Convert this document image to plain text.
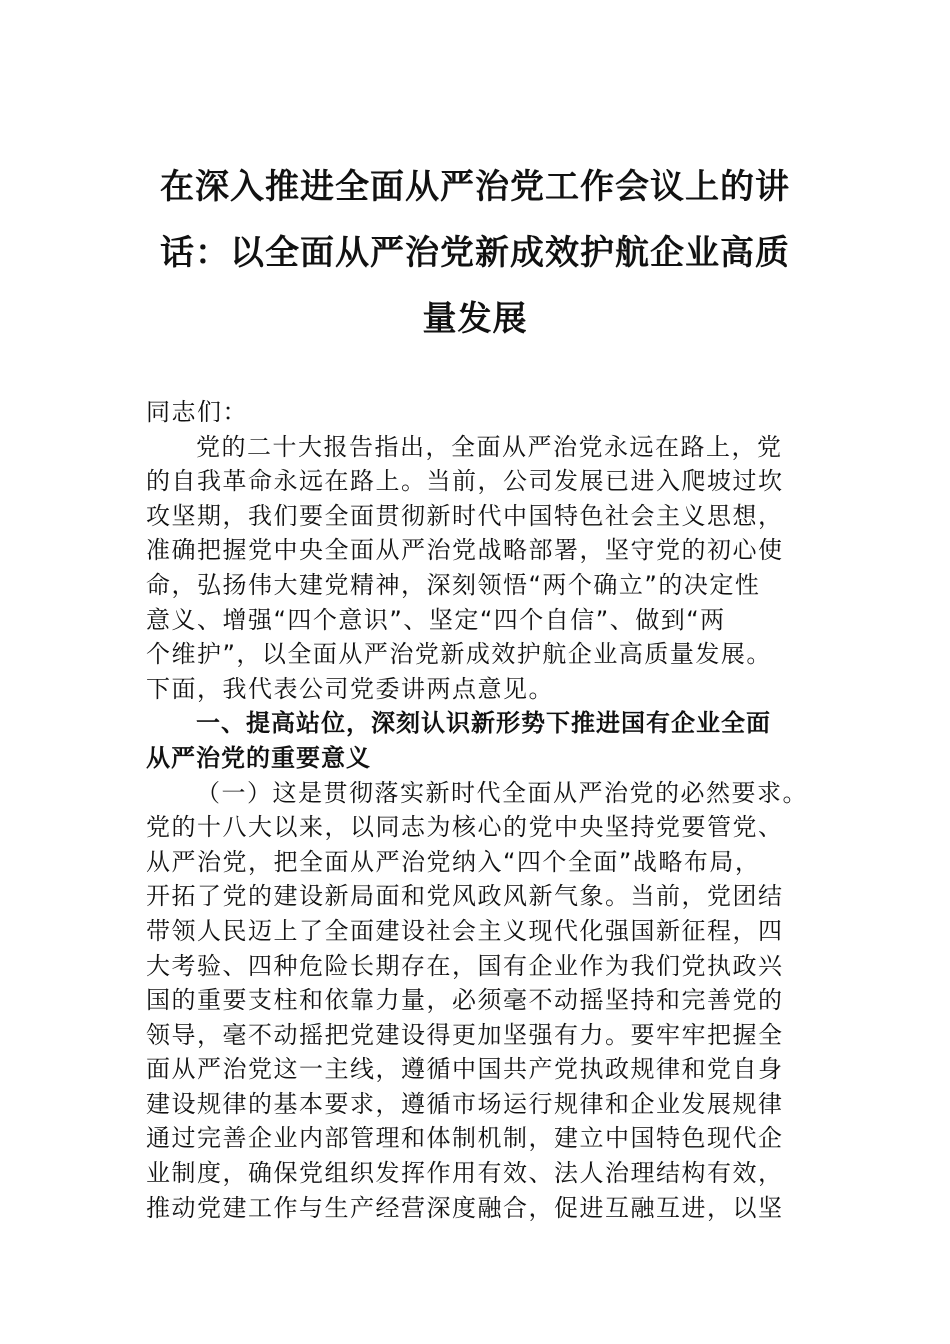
在深入推进全面从严治党工作会议上的讲
话：以全面从严治党新成效护航企业高质
量发展
同志们：
党的二十大报告指出，全面从严治党永远在路上，党
的自我革命永远在路上。当前，公司发展已进入爬坡过坎
攻坚期，我们要全面贯彻新时代中国特色社会主义思想，
准确把握党中央全面从严治党战略部署，坚守党的初心使
命，弘扬伟大建党精神，深刻领悟“两个确立”的决定性
意义、增强“四个意识”、坚定“四个自信”、做到“两
个维护”，以全面从严治党新成效护航企业高质量发展。
下面，我代表公司党委讲两点意见。
一、提高站位，深刻认识新形势下推进国有企业全面
从严治党的重要意义
（一）这是贯彻落实新时代全面从严治党的必然要求。
党的十八大以来，以同志为核心的党中央坚持党要管党、
从严治党，把全面从严治党纳入“四个全面”战略布局，
开拓了党的建设新局面和党风政风新气象。当前，党团结
带领人民迈上了全面建设社会主义现代化强国新征程，四
大考验、四种危险长期存在，国有企业作为我们党执政兴
国的重要支柱和依靠力量，必须毫不动摇坚持和完善党的
领导，毫不动摇把党建设得更加坚强有力。要牢牢把握全
面从严治党这一主线，遵循中国共产党执政规律和党自身
建设规律的基本要求，遵循市场运行规律和企业发展规律
通过完善企业内部管理和体制机制，建立中国特色现代企
业制度，确保党组织发挥作用有效、法人治理结构有效，
推动党建工作与生产经营深度融合，促进互融互进，以坚
